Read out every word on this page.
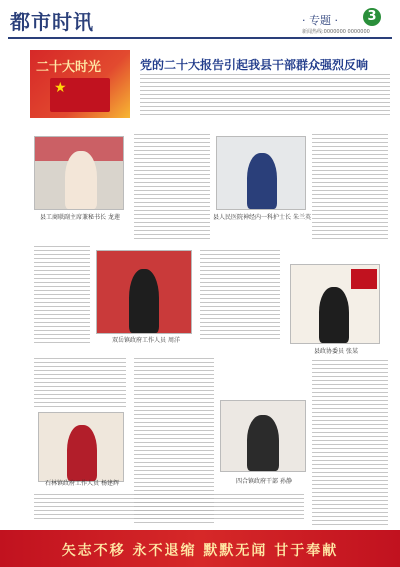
都市时讯	· 专题 ·	3
新闻热线:0000000 0000000
二十大时光
★
党的二十大报告引起我县干部群众强烈反响
县工商联副主席兼秘书长 龙莲	县人民医院神经内一科护士长 朱兰英
双岳镇政府工作人员 周洋
县政协委员 张某
石林镇政府工作人员 杨建辉	四合镇政府干部 孙静
矢志不移 永不退缩 默默无闻 甘于奉献
